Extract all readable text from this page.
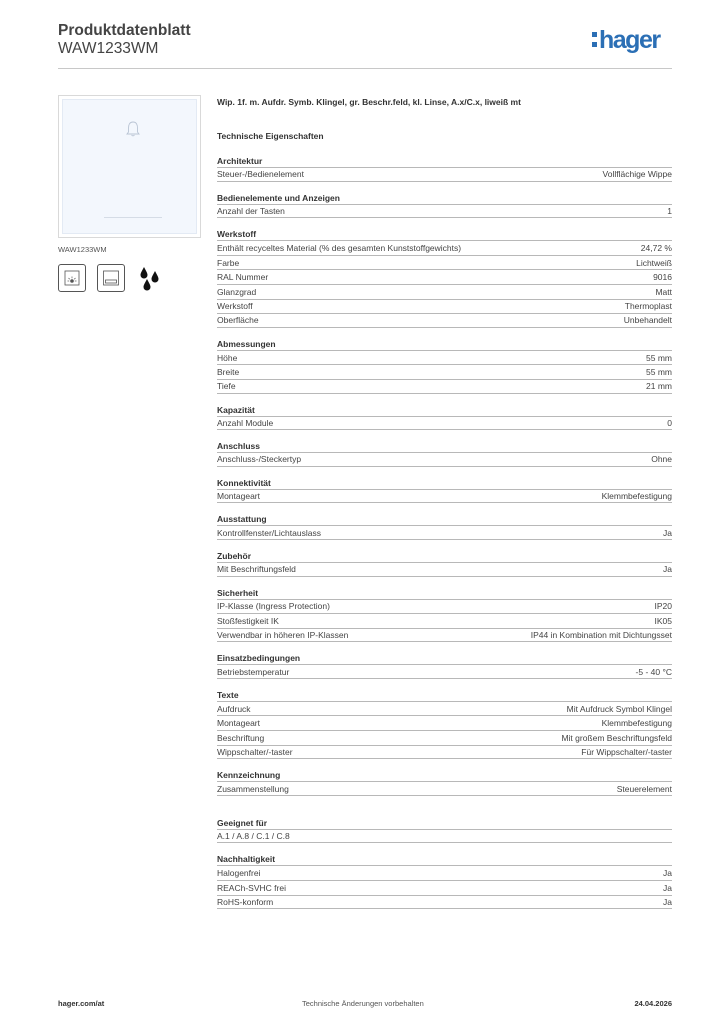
Produktdatenblatt
WAW1233WM	hager
WAW1233WM
Wip. 1f. m. Aufdr. Symb. Klingel, gr. Beschr.feld, kl. Linse, A.x/C.x, liweiß mt
Technische Eigenschaften
Architektur
Steuer-/Bedienelement	Vollflächige Wippe
Bedienelemente und Anzeigen
Anzahl der Tasten	1
Werkstoff
Enthält recyceltes Material (% des gesamten Kunststoffgewichts)	24,72 %
Farbe	Lichtweiß
RAL Nummer	9016
Glanzgrad	Matt
Werkstoff	Thermoplast
Oberfläche	Unbehandelt
Abmessungen
Höhe	55 mm
Breite	55 mm
Tiefe	21 mm
Kapazität
Anzahl Module	0
Anschluss
Anschluss-/Steckertyp	Ohne
Konnektivität
Montageart	Klemmbefestigung
Ausstattung
Kontrollfenster/Lichtauslass	Ja
Zubehör
Mit Beschriftungsfeld	Ja
Sicherheit
IP-Klasse (Ingress Protection)	IP20
Stoßfestigkeit IK	IK05
Verwendbar in höheren IP-Klassen	IP44 in Kombination mit Dichtungsset
Einsatzbedingungen
Betriebstemperatur	-5 - 40 °C
Texte
Aufdruck	Mit Aufdruck Symbol Klingel
Montageart	Klemmbefestigung
Beschriftung	Mit großem Beschriftungsfeld
Wippschalter/-taster	Für Wippschalter/-taster
Kennzeichnung
Zusammenstellung	Steuerelement
Geeignet für
A.1 / A.8 / C.1 / C.8
Nachhaltigkeit
Halogenfrei	Ja
REACh-SVHC frei	Ja
RoHS-konform	Ja
hager.com/at	Technische Änderungen vorbehalten	24.04.2026
